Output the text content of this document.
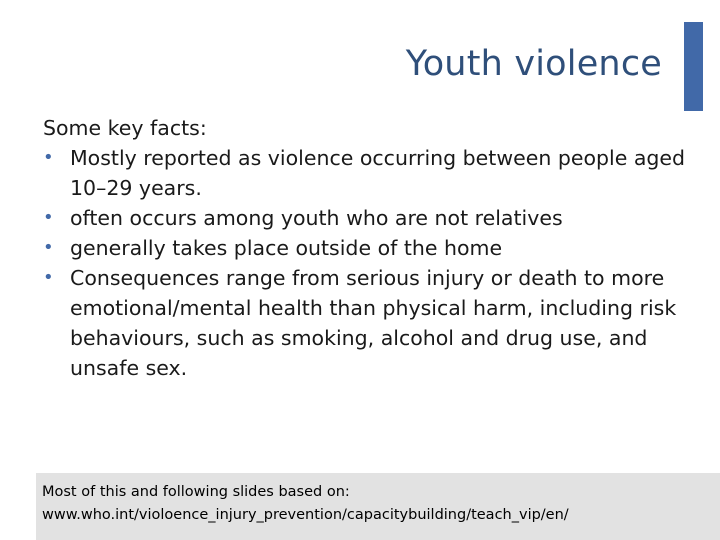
Youth violence

Some key facts:

• Mostly reported as violence occurring between people aged 10–29 years.
• often occurs among youth who are not relatives
• generally takes place outside of the home
• Consequences range from serious injury or death to more emotional/mental health than physical harm, including risk behaviours, such as smoking, alcohol and drug use, and unsafe sex.
Most of this and following slides based on:
www.who.int/violoence_injury_prevention/capacitybuilding/teach_vip/en/
